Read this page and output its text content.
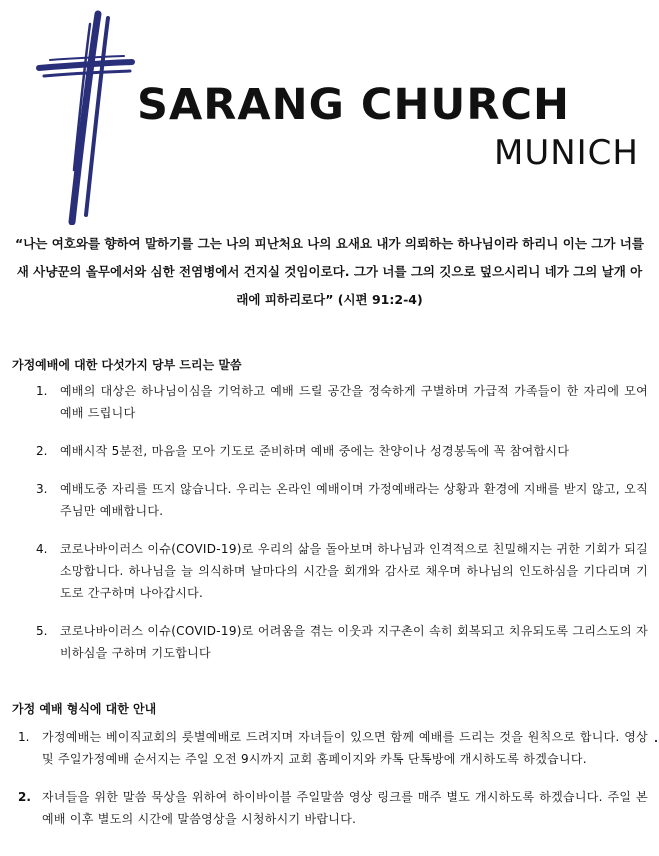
SARANG CHURCH
MUNICH

“나는 여호와를 향하여 말하기를 그는 나의 피난처요 나의 요새요 내가 의뢰하는 하나님이라 하리니 이는 그가 너를 새 사냥꾼의 올무에서와 심한 전염병에서 건지실 것임이로다. 그가 너를 그의 깃으로 덮으시리니 네가 그의 날개 아래에 피하리로다” (시편 91:2-4)

가정예배에 대한 다섯가지 당부 드리는 말씀
1.	예배의 대상은 하나님이심을 기억하고 예배 드릴 공간을 정숙하게 구별하며 가급적 가족들이 한 자리에 모여 예배 드립니다
2.	예배시작 5분전, 마음을 모아 기도로 준비하며 예배 중에는 찬양이나 성경봉독에 꼭 참여합시다
3.	예배도중 자리를 뜨지 않습니다. 우리는 온라인 예배이며 가정예배라는 상황과 환경에 지배를 받지 않고, 오직 주님만 예배합니다.
4.	코로나바이러스 이슈(COVID-19)로 우리의 삶을 돌아보며 하나님과 인격적으로 친밀해지는 귀한 기회가 되길 소망합니다. 하나님을 늘 의식하며 날마다의 시간을 회개와 감사로 채우며 하나님의 인도하심을 기다리며 기도로 간구하며 나아갑시다.
5.	코로나바이러스 이슈(COVID-19)로 어려움을 겪는 이웃과 지구촌이 속히 회복되고 치유되도록 그리스도의 자비하심을 구하며 기도합니다
가정 예배 형식에 대한 안내
1.	가정예배는 베이직교회의 릇별예배로 드려지며 자녀들이 있으면 함께 예배를 드리는 것을 원칙으로 합니다. 영상 및 주일가정예배 순서지는 주일 오전 9시까지 교회 홈페이지와 카톡 단톡방에 개시하도록 하겠습니다.
2. 자녀들을 위한 말씀 묵상을 위하여 하이바이블 주일말씀 영상 링크를 매주 별도 개시하도록 하겠습니다. 주일 본 예배 이후 별도의 시간에 말씀영상을 시청하시기 바랍니다.
